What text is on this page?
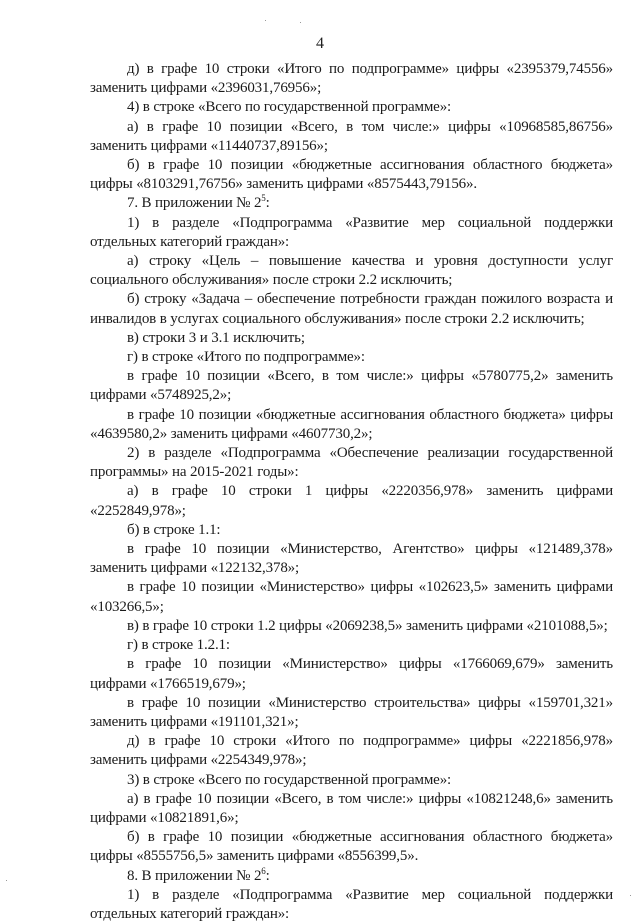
4

д) в графе 10 строки «Итого по подпрограмме» цифры «2395379,74556» заменить цифрами «2396031,76956»;

4) в строке «Всего по государственной программе»:

а) в графе 10 позиции «Всего, в том числе:» цифры «10968585,86756» заменить цифрами «11440737,89156»;

б) в графе 10 позиции «бюджетные ассигнования областного бюджета» цифры «8103291,76756» заменить цифрами «8575443,79156».

7. В приложении № $2^5$:

1) в разделе «Подпрограмма «Развитие мер социальной поддержки отдельных категорий граждан»:

а) строку «Цель – повышение качества и уровня доступности услуг социального обслуживания» после строки 2.2 исключить;

б) строку «Задача – обеспечение потребности граждан пожилого возраста и инвалидов в услугах социального обслуживания» после строки 2.2 исключить;

в) строки 3 и 3.1 исключить;

г) в строке «Итого по подпрограмме»:

в графе 10 позиции «Всего, в том числе:» цифры «5780775,2» заменить цифрами «5748925,2»;

в графе 10 позиции «бюджетные ассигнования областного бюджета» цифры «4639580,2» заменить цифрами «4607730,2»;

2) в разделе «Подпрограмма «Обеспечение реализации государственной программы» на 2015-2021 годы»:

а) в графе 10 строки 1 цифры «2220356,978» заменить цифрами «2252849,978»;

б) в строке 1.1:

в графе 10 позиции «Министерство, Агентство» цифры «121489,378» заменить цифрами «122132,378»;

в графе 10 позиции «Министерство» цифры «102623,5» заменить цифрами «103266,5»;

в) в графе 10 строки 1.2 цифры «2069238,5» заменить цифрами «2101088,5»;

г) в строке 1.2.1:

в графе 10 позиции «Министерство» цифры «1766069,679» заменить цифрами «1766519,679»;

в графе 10 позиции «Министерство строительства» цифры «159701,321» заменить цифрами «191101,321»;

д) в графе 10 строки «Итого по подпрограмме» цифры «2221856,978» заменить цифрами «2254349,978»;

3) в строке «Всего по государственной программе»:

а) в графе 10 позиции «Всего, в том числе:» цифры «10821248,6» заменить цифрами «10821891,6»;

б) в графе 10 позиции «бюджетные ассигнования областного бюджета» цифры «8555756,5» заменить цифрами «8556399,5».

8. В приложении № $2^6$:

1) в разделе «Подпрограмма «Развитие мер социальной поддержки отдельных категорий граждан»:
